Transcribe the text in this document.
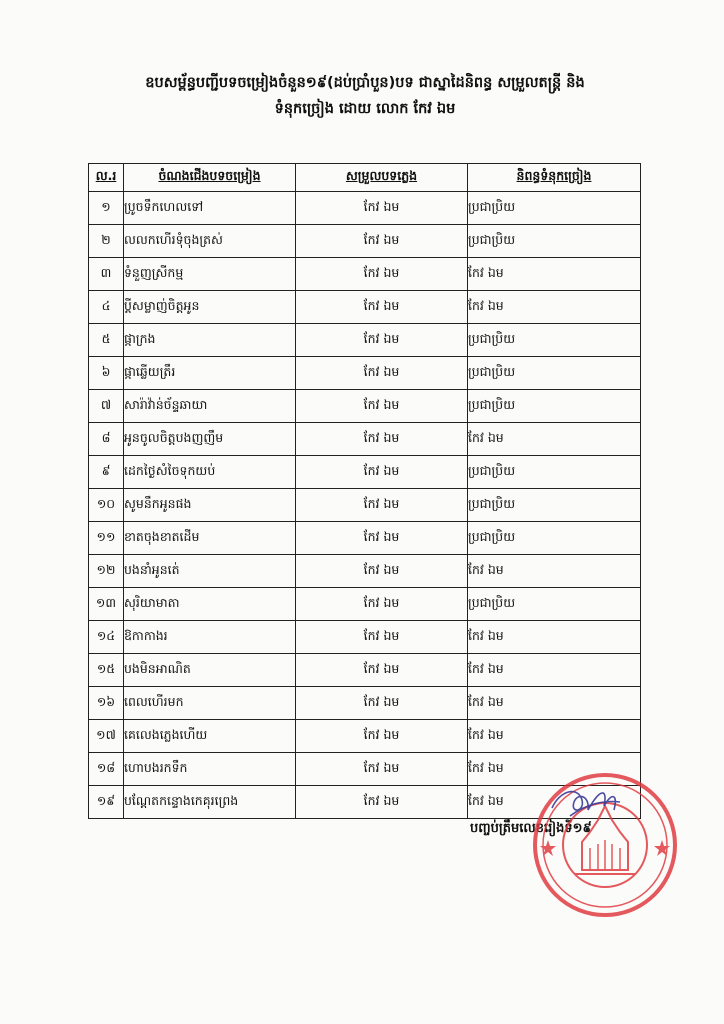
ឧបសម្ព័ន្ធបញ្ជីបទចម្រៀងចំនួន១៩(ដប់ប្រាំបួន)បទ ជាស្នាដៃនិពន្ធ សម្រួលតន្ត្រី និង
ទំនុកច្រៀង ដោយ លោក កែវ ឯម
ល.រ	ចំណងជើងបទចម្រៀង	សម្រួលបទភ្លេង	និពន្ធទំនុកច្រៀង
១	ប្រូចទឹកហេលទៅ	កែវ ឯម	ប្រជាប្រិយ
២	លលកហើរទុំចុងត្រស់	កែវ ឯម	ប្រជាប្រិយ
៣	ទំនួញស្រីកម្ម	កែវ ឯម	កែវ ឯម
៤	ប្តីសម្លាញ់ចិត្តអូន	កែវ ឯម	កែវ ឯម
៥	ផ្កាក្រង	កែវ ឯម	ប្រជាប្រិយ
៦	ផ្កាឆ្លើយត្រឹរ	កែវ ឯម	ប្រជាប្រិយ
៧	សារ៉ាវ៉ាន់ច័ន្ទឆាយា	កែវ ឯម	ប្រជាប្រិយ
៨	អូនចូលចិត្តបងញញឹម	កែវ ឯម	កែវ ឯម
៩	ដេកថ្ងៃសំចៃទុកយប់	កែវ ឯម	ប្រជាប្រិយ
១០	សូមនឹកអូនផង	កែវ ឯម	ប្រជាប្រិយ
១១	ខាតចុងខាតដើម	កែវ ឯម	ប្រជាប្រិយ
១២	បងនាំអូនតេ់	កែវ ឯម	កែវ ឯម
១៣	សុរិយាមាតា	កែវ ឯម	ប្រជាប្រិយ
១៤	ឱកាកាងរ	កែវ ឯម	កែវ ឯម
១៥	បងមិនអាណិត	កែវ ឯម	កែវ ឯម
១៦	ពេលហើរមក	កែវ ឯម	កែវ ឯម
១៧	គេលេងភ្លេងហើយ	កែវ ឯម	កែវ ឯម
១៨	ហោបងរកទឹក	កែវ ឯម	កែវ ឯម
១៩	បណ្តែតកន្ទោងកេគុរព្រេង	កែវ ឯម	កែវ ឯម
បញ្ចប់ត្រឹមលេខរៀងទី១៩
